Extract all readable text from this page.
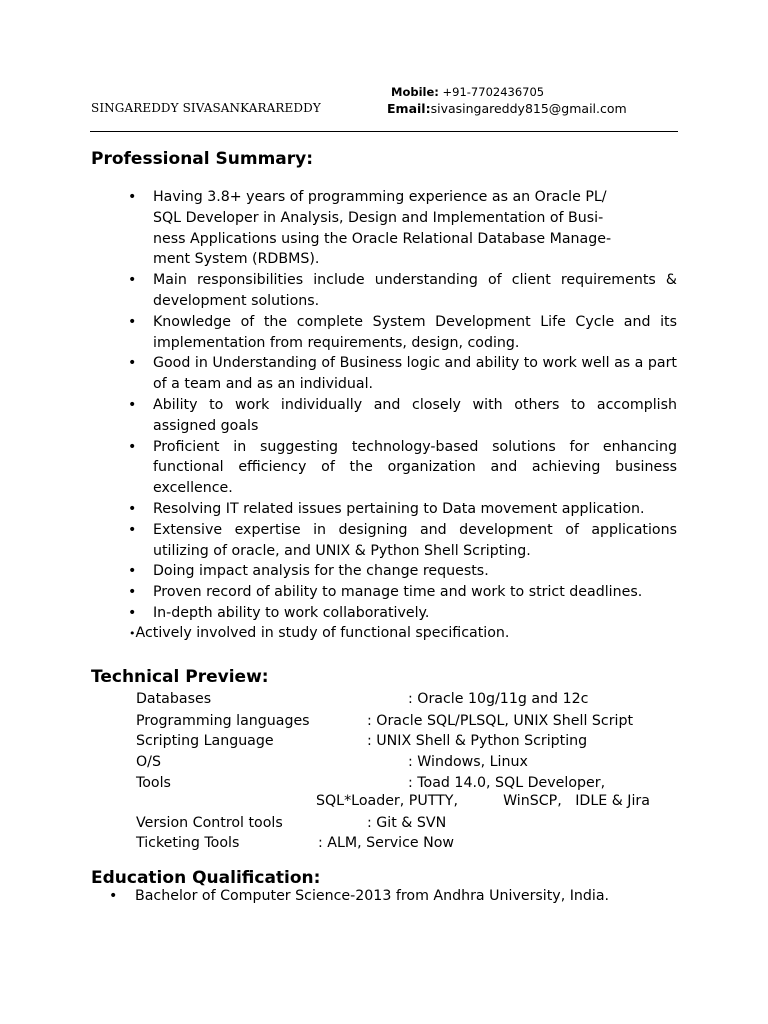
SINGAREDDY SIVASANKARAREDDY
Mobile: +91-7702436705
Email:sivasingareddy815@gmail.com
Professional Summary:
• Having 3.8+ years of programming experience as an Oracle PL/
SQL Developer in Analysis, Design and Implementation of Busi-
ness Applications using the Oracle Relational Database Manage-
ment System (RDBMS).
• Main responsibilities include understanding of client requirements & development solutions.
• Knowledge of the complete System Development Life Cycle and its implementation from requirements, design, coding.
• Good in Understanding of Business logic and ability to work well as a part of a team and as an individual.
• Ability to work individually and closely with others to accomplish assigned goals
• Proficient in suggesting technology-based solutions for enhancing functional efficiency of the organization and achieving business excellence.
• Resolving IT related issues pertaining to Data movement application.
• Extensive expertise in designing and development of applications utilizing of oracle, and UNIX & Python Shell Scripting.
• Doing impact analysis for the change requests.
• Proven record of ability to manage time and work to strict deadlines.
• In-depth ability to work collaboratively.
•Actively involved in study of functional specification.
Technical Preview:
Databases	: Oracle 10g/11g and 12c
Programming languages	: Oracle SQL/PLSQL, UNIX Shell Script
Scripting Language	: UNIX Shell & Python Scripting
O/S	: Windows, Linux
Tools	: Toad 14.0, SQL Developer,
SQL*Loader, PUTTY,          WinSCP,   IDLE & Jira
Version Control tools	: Git & SVN
Ticketing Tools	: ALM, Service Now
Education Qualification:
• Bachelor of Computer Science-2013 from Andhra University, India.
